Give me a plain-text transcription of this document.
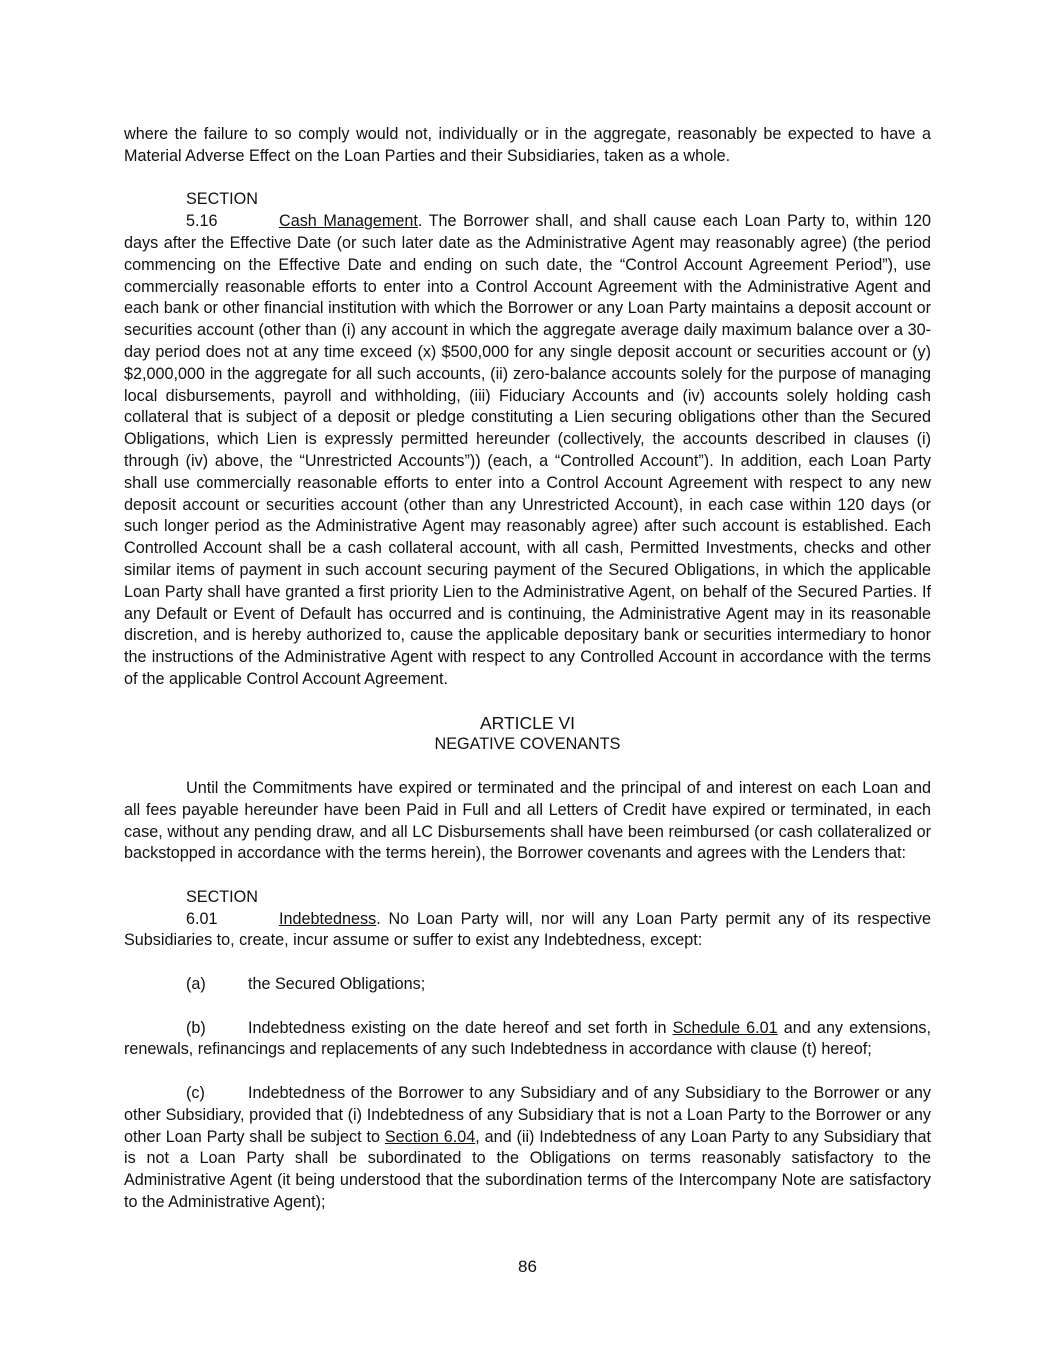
where the failure to so comply would not, individually or in the aggregate, reasonably be expected to have a Material Adverse Effect on the Loan Parties and their Subsidiaries, taken as a whole.

SECTION 5.16	Cash Management. The Borrower shall, and shall cause each Loan Party to, within 120 days after the Effective Date (or such later date as the Administrative Agent may reasonably agree) (the period commencing on the Effective Date and ending on such date, the “Control Account Agreement Period”), use commercially reasonable efforts to enter into a Control Account Agreement with the Administrative Agent and each bank or other financial institution with which the Borrower or any Loan Party maintains a deposit account or securities account (other than (i) any account in which the aggregate average daily maximum balance over a 30-day period does not at any time exceed (x) $500,000 for any single deposit account or securities account or (y) $2,000,000 in the aggregate for all such accounts, (ii) zero-balance accounts solely for the purpose of managing local disbursements, payroll and withholding, (iii) Fiduciary Accounts and (iv) accounts solely holding cash collateral that is subject of a deposit or pledge constituting a Lien securing obligations other than the Secured Obligations, which Lien is expressly permitted hereunder (collectively, the accounts described in clauses (i) through (iv) above, the “Unrestricted Accounts”)) (each, a “Controlled Account”). In addition, each Loan Party shall use commercially reasonable efforts to enter into a Control Account Agreement with respect to any new deposit account or securities account (other than any Unrestricted Account), in each case within 120 days (or such longer period as the Administrative Agent may reasonably agree) after such account is established. Each Controlled Account shall be a cash collateral account, with all cash, Permitted Investments, checks and other similar items of payment in such account securing payment of the Secured Obligations, in which the applicable Loan Party shall have granted a first priority Lien to the Administrative Agent, on behalf of the Secured Parties. If any Default or Event of Default has occurred and is continuing, the Administrative Agent may in its reasonable discretion, and is hereby authorized to, cause the applicable depositary bank or securities intermediary to honor the instructions of the Administrative Agent with respect to any Controlled Account in accordance with the terms of the applicable Control Account Agreement.

ARTICLE VI
NEGATIVE COVENANTS

Until the Commitments have expired or terminated and the principal of and interest on each Loan and all fees payable hereunder have been Paid in Full and all Letters of Credit have expired or terminated, in each case, without any pending draw, and all LC Disbursements shall have been reimbursed (or cash collateralized or backstopped in accordance with the terms herein), the Borrower covenants and agrees with the Lenders that:

SECTION 6.01	Indebtedness. No Loan Party will, nor will any Loan Party permit any of its respective Subsidiaries to, create, incur assume or suffer to exist any Indebtedness, except:

(a)	the Secured Obligations;

(b)	Indebtedness existing on the date hereof and set forth in Schedule 6.01 and any extensions, renewals, refinancings and replacements of any such Indebtedness in accordance with clause (t) hereof;

(c)	Indebtedness of the Borrower to any Subsidiary and of any Subsidiary to the Borrower or any other Subsidiary, provided that (i) Indebtedness of any Subsidiary that is not a Loan Party to the Borrower or any other Loan Party shall be subject to Section 6.04, and (ii) Indebtedness of any Loan Party to any Subsidiary that is not a Loan Party shall be subordinated to the Obligations on terms reasonably satisfactory to the Administrative Agent (it being understood that the subordination terms of the Intercompany Note are satisfactory to the Administrative Agent);

86
